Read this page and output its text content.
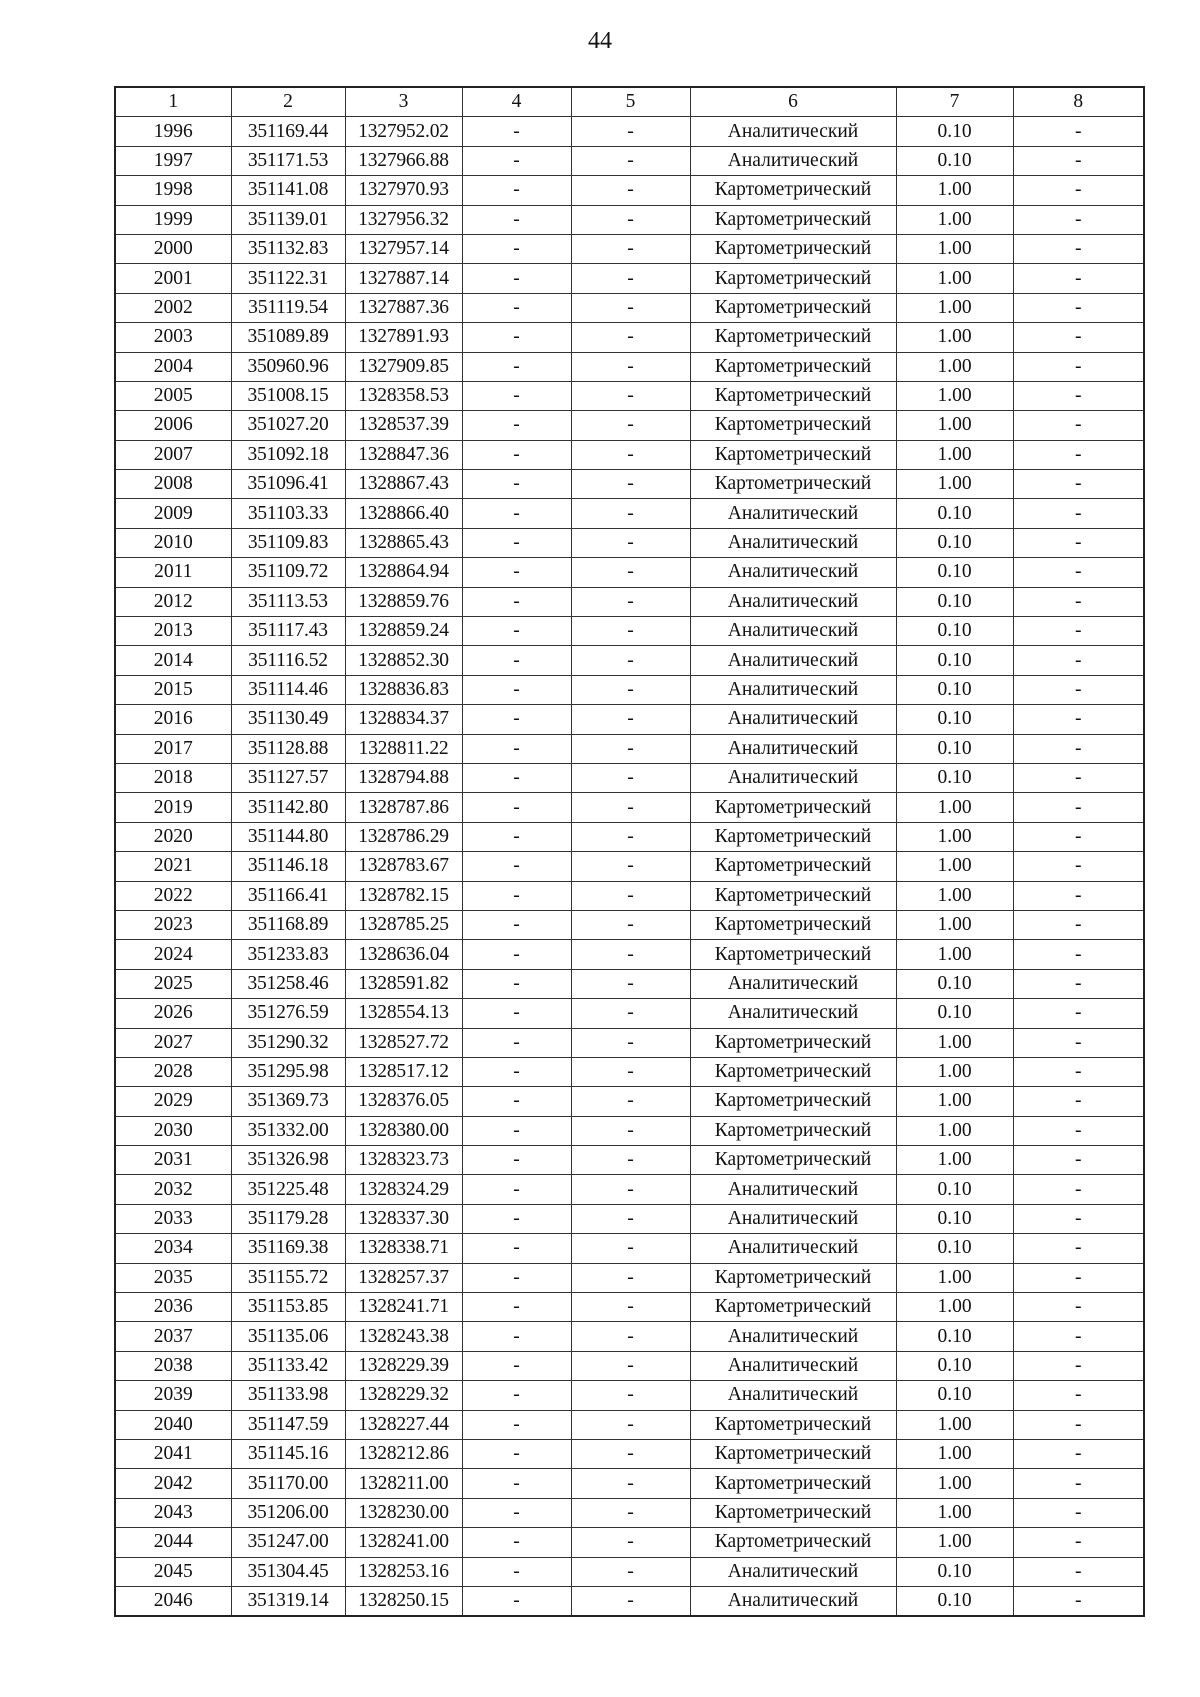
44
1	2	3	4	5	6	7	8
1996	351169.44	1327952.02	-	-	Аналитический	0.10	-
1997	351171.53	1327966.88	-	-	Аналитический	0.10	-
1998	351141.08	1327970.93	-	-	Картометрический	1.00	-
1999	351139.01	1327956.32	-	-	Картометрический	1.00	-
2000	351132.83	1327957.14	-	-	Картометрический	1.00	-
2001	351122.31	1327887.14	-	-	Картометрический	1.00	-
2002	351119.54	1327887.36	-	-	Картометрический	1.00	-
2003	351089.89	1327891.93	-	-	Картометрический	1.00	-
2004	350960.96	1327909.85	-	-	Картометрический	1.00	-
2005	351008.15	1328358.53	-	-	Картометрический	1.00	-
2006	351027.20	1328537.39	-	-	Картометрический	1.00	-
2007	351092.18	1328847.36	-	-	Картометрический	1.00	-
2008	351096.41	1328867.43	-	-	Картометрический	1.00	-
2009	351103.33	1328866.40	-	-	Аналитический	0.10	-
2010	351109.83	1328865.43	-	-	Аналитический	0.10	-
2011	351109.72	1328864.94	-	-	Аналитический	0.10	-
2012	351113.53	1328859.76	-	-	Аналитический	0.10	-
2013	351117.43	1328859.24	-	-	Аналитический	0.10	-
2014	351116.52	1328852.30	-	-	Аналитический	0.10	-
2015	351114.46	1328836.83	-	-	Аналитический	0.10	-
2016	351130.49	1328834.37	-	-	Аналитический	0.10	-
2017	351128.88	1328811.22	-	-	Аналитический	0.10	-
2018	351127.57	1328794.88	-	-	Аналитический	0.10	-
2019	351142.80	1328787.86	-	-	Картометрический	1.00	-
2020	351144.80	1328786.29	-	-	Картометрический	1.00	-
2021	351146.18	1328783.67	-	-	Картометрический	1.00	-
2022	351166.41	1328782.15	-	-	Картометрический	1.00	-
2023	351168.89	1328785.25	-	-	Картометрический	1.00	-
2024	351233.83	1328636.04	-	-	Картометрический	1.00	-
2025	351258.46	1328591.82	-	-	Аналитический	0.10	-
2026	351276.59	1328554.13	-	-	Аналитический	0.10	-
2027	351290.32	1328527.72	-	-	Картометрический	1.00	-
2028	351295.98	1328517.12	-	-	Картометрический	1.00	-
2029	351369.73	1328376.05	-	-	Картометрический	1.00	-
2030	351332.00	1328380.00	-	-	Картометрический	1.00	-
2031	351326.98	1328323.73	-	-	Картометрический	1.00	-
2032	351225.48	1328324.29	-	-	Аналитический	0.10	-
2033	351179.28	1328337.30	-	-	Аналитический	0.10	-
2034	351169.38	1328338.71	-	-	Аналитический	0.10	-
2035	351155.72	1328257.37	-	-	Картометрический	1.00	-
2036	351153.85	1328241.71	-	-	Картометрический	1.00	-
2037	351135.06	1328243.38	-	-	Аналитический	0.10	-
2038	351133.42	1328229.39	-	-	Аналитический	0.10	-
2039	351133.98	1328229.32	-	-	Аналитический	0.10	-
2040	351147.59	1328227.44	-	-	Картометрический	1.00	-
2041	351145.16	1328212.86	-	-	Картометрический	1.00	-
2042	351170.00	1328211.00	-	-	Картометрический	1.00	-
2043	351206.00	1328230.00	-	-	Картометрический	1.00	-
2044	351247.00	1328241.00	-	-	Картометрический	1.00	-
2045	351304.45	1328253.16	-	-	Аналитический	0.10	-
2046	351319.14	1328250.15	-	-	Аналитический	0.10	-
